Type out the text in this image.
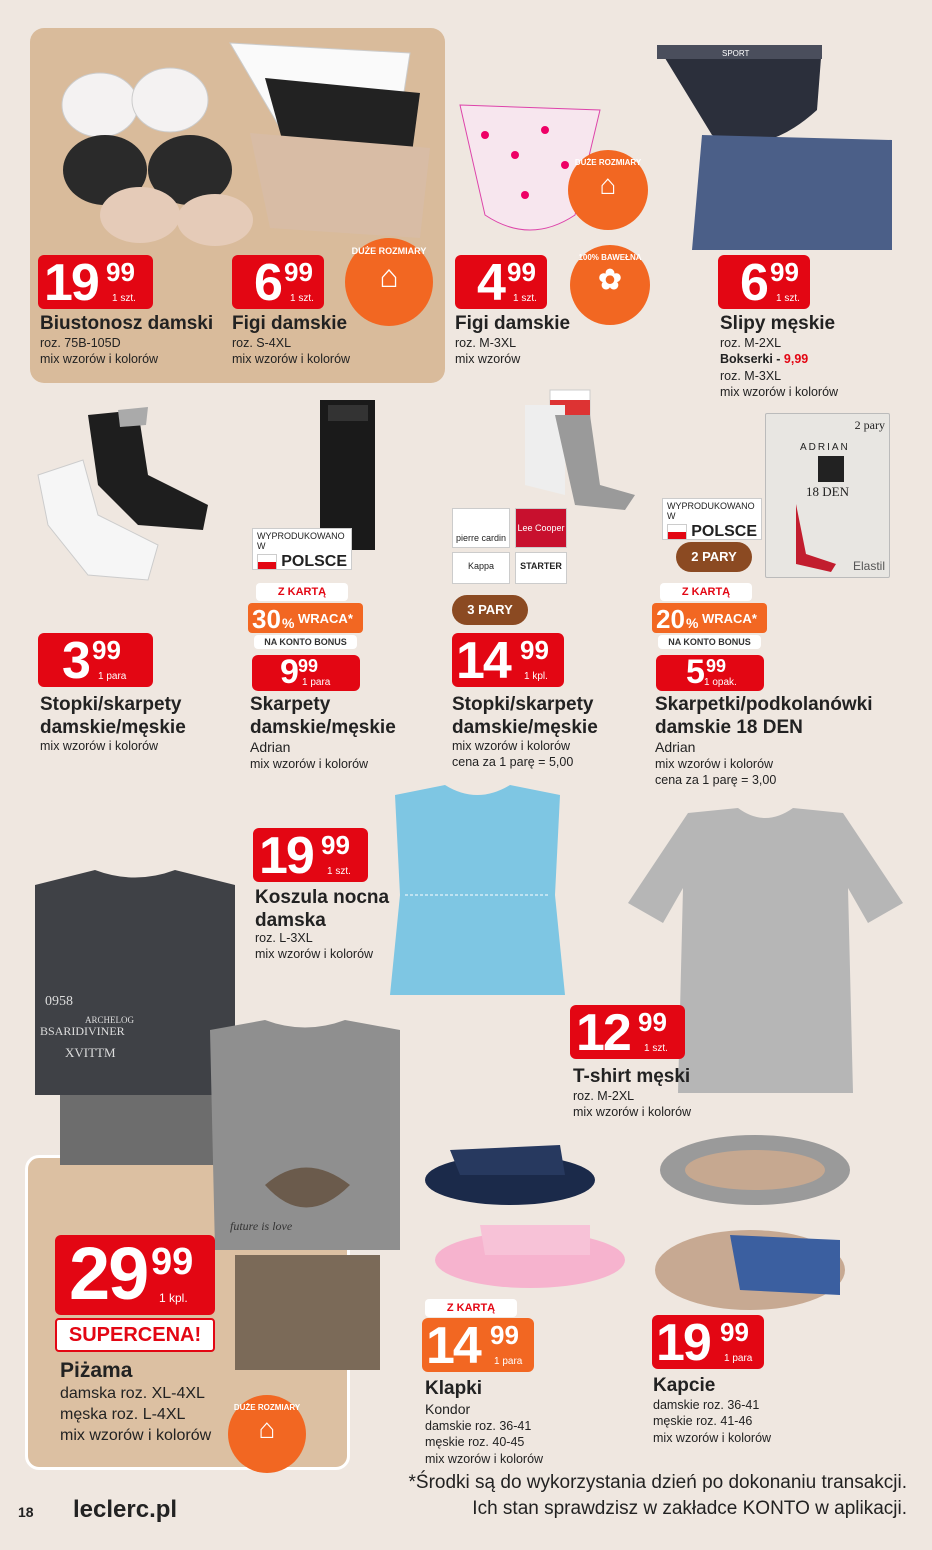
19 99
1 szt.
Biustonosz damski
roz. 75B-105D
mix wzorów i kolorów
6 99
1 szt.
DUŻE ROZMIARY
⌂
Figi damskie
roz. S-4XL
mix wzorów i kolorów
DUŻE ROZMIARY
⌂
4 99
1 szt.
100% BAWEŁNA
✿
Figi damskie
roz. M-3XL
mix wzorów
SPORT
6 99
1 szt.
Slipy męskie
roz. M-2XL
Bokserki - 9,99
roz. M-3XL
mix wzorów i kolorów
3 99
1 para
Stopki/skarpety
damskie/męskie
mix wzorów i kolorów
WYPRODUKOWANO W
POLSCE
Z KARTĄ
30 % WRACA*
NA KONTO BONUS
9 99
1 para
Skarpety
damskie/męskie
Adrian
mix wzorów i kolorów
pierre cardin
Lee Cooper
Kappa	STARTER
3 PARY
14 99
1 kpl.
Stopki/skarpety
damskie/męskie
mix wzorów i kolorów
cena za 1 parę = 5,00
WYPRODUKOWANO W
POLSCE
2 PARY
2 pary
ADRIAN
18 DEN
Elastil
Z KARTĄ
20 % WRACA*
NA KONTO BONUS
5 99
1 opak.
Skarpetki/podkolanówki
damskie 18 DEN
Adrian
mix wzorów i kolorów
cena za 1 parę = 3,00
19 99
1 szt.
Koszula nocna
damska
roz. L-3XL
mix wzorów i kolorów
12 99
1 szt.
T-shirt męski
roz. M-2XL
mix wzorów i kolorów
0958
ARCHELOG
BSARIDIVINER
XVITTM
future is love
29 99
1 kpl.
SUPERCENA!
Piżama
damska roz. XL-4XL
męska roz. L-4XL
mix wzorów i kolorów
DUŻE ROZMIARY
⌂
Z KARTĄ
14 99
1 para
Klapki
Kondor
damskie roz. 36-41
męskie roz. 40-45
mix wzorów i kolorów
19 99
1 para
Kapcie
damskie roz. 36-41
męskie roz. 41-46
mix wzorów i kolorów
18 leclerc.pl
*Środki są do wykorzystania dzień po dokonaniu transakcji.
Ich stan sprawdzisz w zakładce KONTO w aplikacji.
